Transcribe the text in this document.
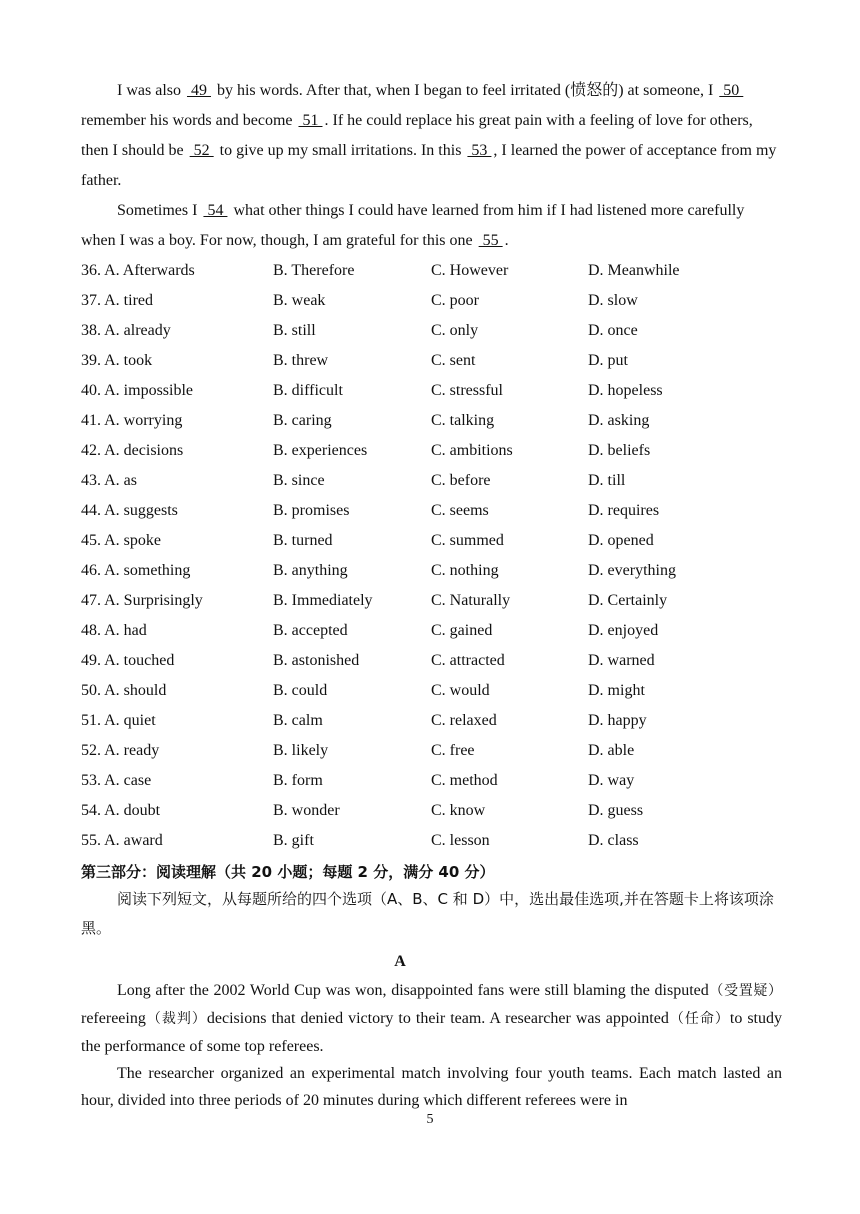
I was also  49  by his words. After that, when I began to feel irritated (愤怒的) at someone, I  50  remember his words and become  51 . If he could replace his great pain with a feeling of love for others, then I should be  52  to give up my small irritations. In this  53 , I learned the power of acceptance from my father.

Sometimes I  54  what other things I could have learned from him if I had listened more carefully when I was a boy. For now, though, I am grateful for this one  55 .

36. A. Afterwards	B. Therefore	C. However	D. Meanwhile
37. A. tired	B. weak	C. poor	D. slow
38. A. already	B. still	C. only	D. once
39. A. took	B. threw	C. sent	D. put
40. A. impossible	B. difficult	C. stressful	D. hopeless
41. A. worrying	B. caring	C. talking	D. asking
42. A. decisions	B. experiences	C. ambitions	D. beliefs
43. A. as	B. since	C. before	D. till
44. A. suggests	B. promises	C. seems	D. requires
45. A. spoke	B. turned	C. summed	D. opened
46. A. something	B. anything	C. nothing	D. everything
47. A. Surprisingly	B. Immediately	C. Naturally	D. Certainly
48. A. had	B. accepted	C. gained	D. enjoyed
49. A. touched	B. astonished	C. attracted	D. warned
50. A. should	B. could	C. would	D. might
51. A. quiet	B. calm	C. relaxed	D. happy
52. A. ready	B. likely	C. free	D. able
53. A. case	B. form	C. method	D. way
54. A. doubt	B. wonder	C. know	D. guess
55. A. award	B. gift	C. lesson	D. class
第三部分：阅读理解（共 20 小题；每题 2 分，满分 40 分）

阅读下列短文，从每题所给的四个选项（A、B、C 和 D）中，选出最佳选项,并在答题卡上将该项涂黑。

A

Long after the 2002 World Cup was won, disappointed fans were still blaming the disputed（受置疑）refereeing（裁判）decisions that denied victory to their team. A researcher was appointed（任命）to study the performance of some top referees.

The researcher organized an experimental match involving four youth teams. Each match lasted an hour, divided into three periods of 20 minutes during which different referees were in

5
